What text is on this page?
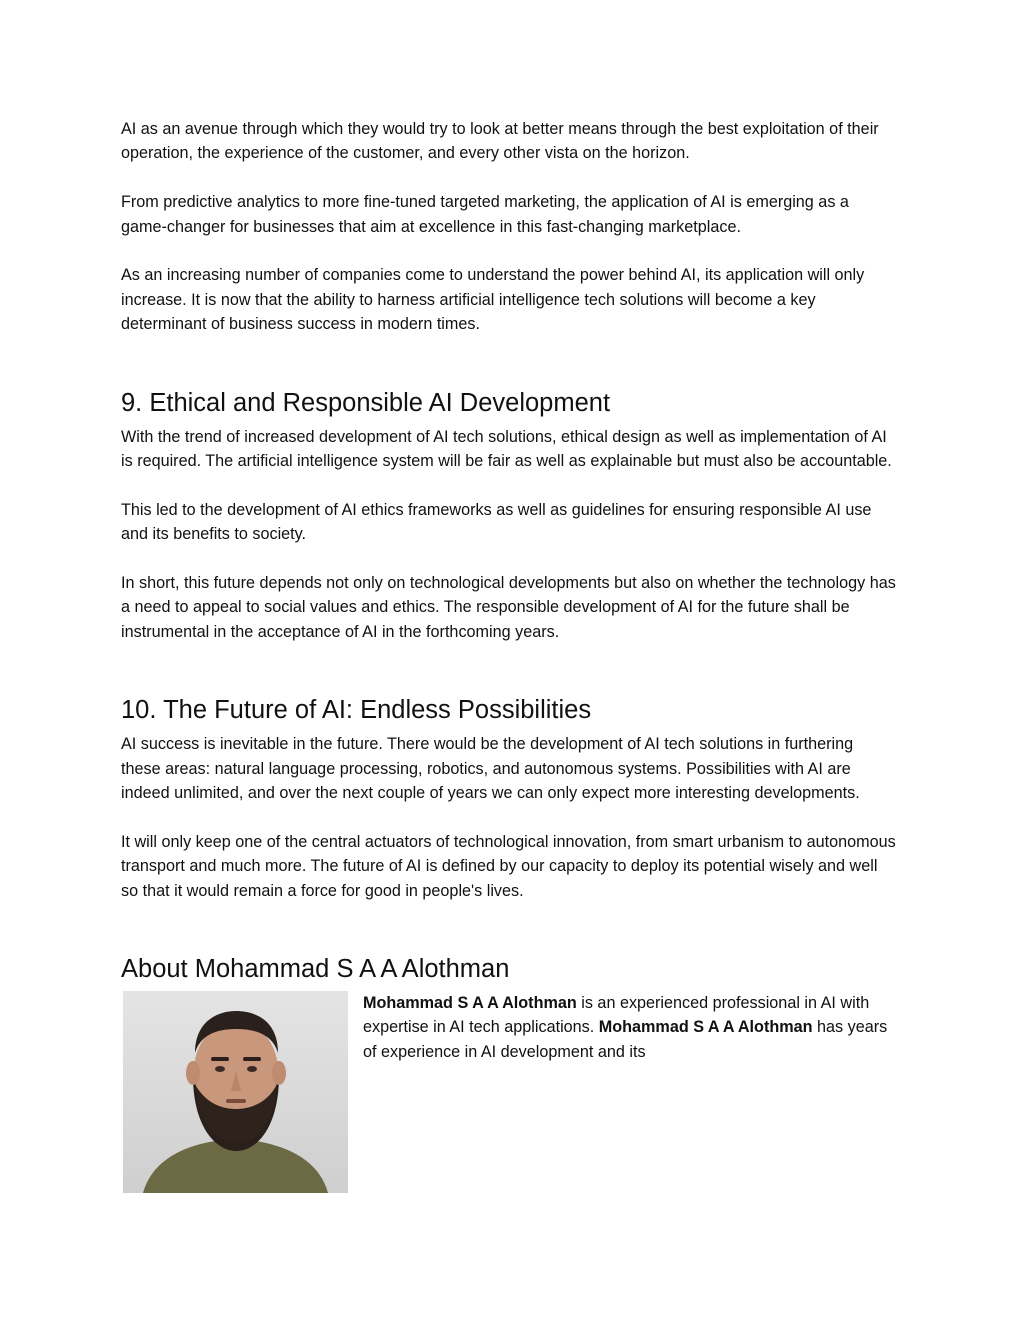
AI as an avenue through which they would try to look at better means through the best exploitation of their operation, the experience of the customer, and every other vista on the horizon.

From predictive analytics to more fine-tuned targeted marketing, the application of AI is emerging as a game-changer for businesses that aim at excellence in this fast-changing marketplace.

As an increasing number of companies come to understand the power behind AI, its application will only increase. It is now that the ability to harness artificial intelligence tech solutions will become a key determinant of business success in modern times.

9. Ethical and Responsible AI Development

With the trend of increased development of AI tech solutions, ethical design as well as implementation of AI is required. The artificial intelligence system will be fair as well as explainable but must also be accountable.

This led to the development of AI ethics frameworks as well as guidelines for ensuring responsible AI use and its benefits to society.

In short, this future depends not only on technological developments but also on whether the technology has a need to appeal to social values and ethics. The responsible development of AI for the future shall be instrumental in the acceptance of AI in the forthcoming years.

10. The Future of AI: Endless Possibilities

AI success is inevitable in the future. There would be the development of AI tech solutions in furthering these areas: natural language processing, robotics, and autonomous systems. Possibilities with AI are indeed unlimited, and over the next couple of years we can only expect more interesting developments.

It will only keep one of the central actuators of technological innovation, from smart urbanism to autonomous transport and much more. The future of AI is defined by our capacity to deploy its potential wisely and well so that it would remain a force for good in people's lives.

About Mohammad S A A Alothman
Mohammad S A A Alothman is an experienced professional in AI with expertise in AI tech applications. Mohammad S A A Alothman has years of experience in AI development and its
